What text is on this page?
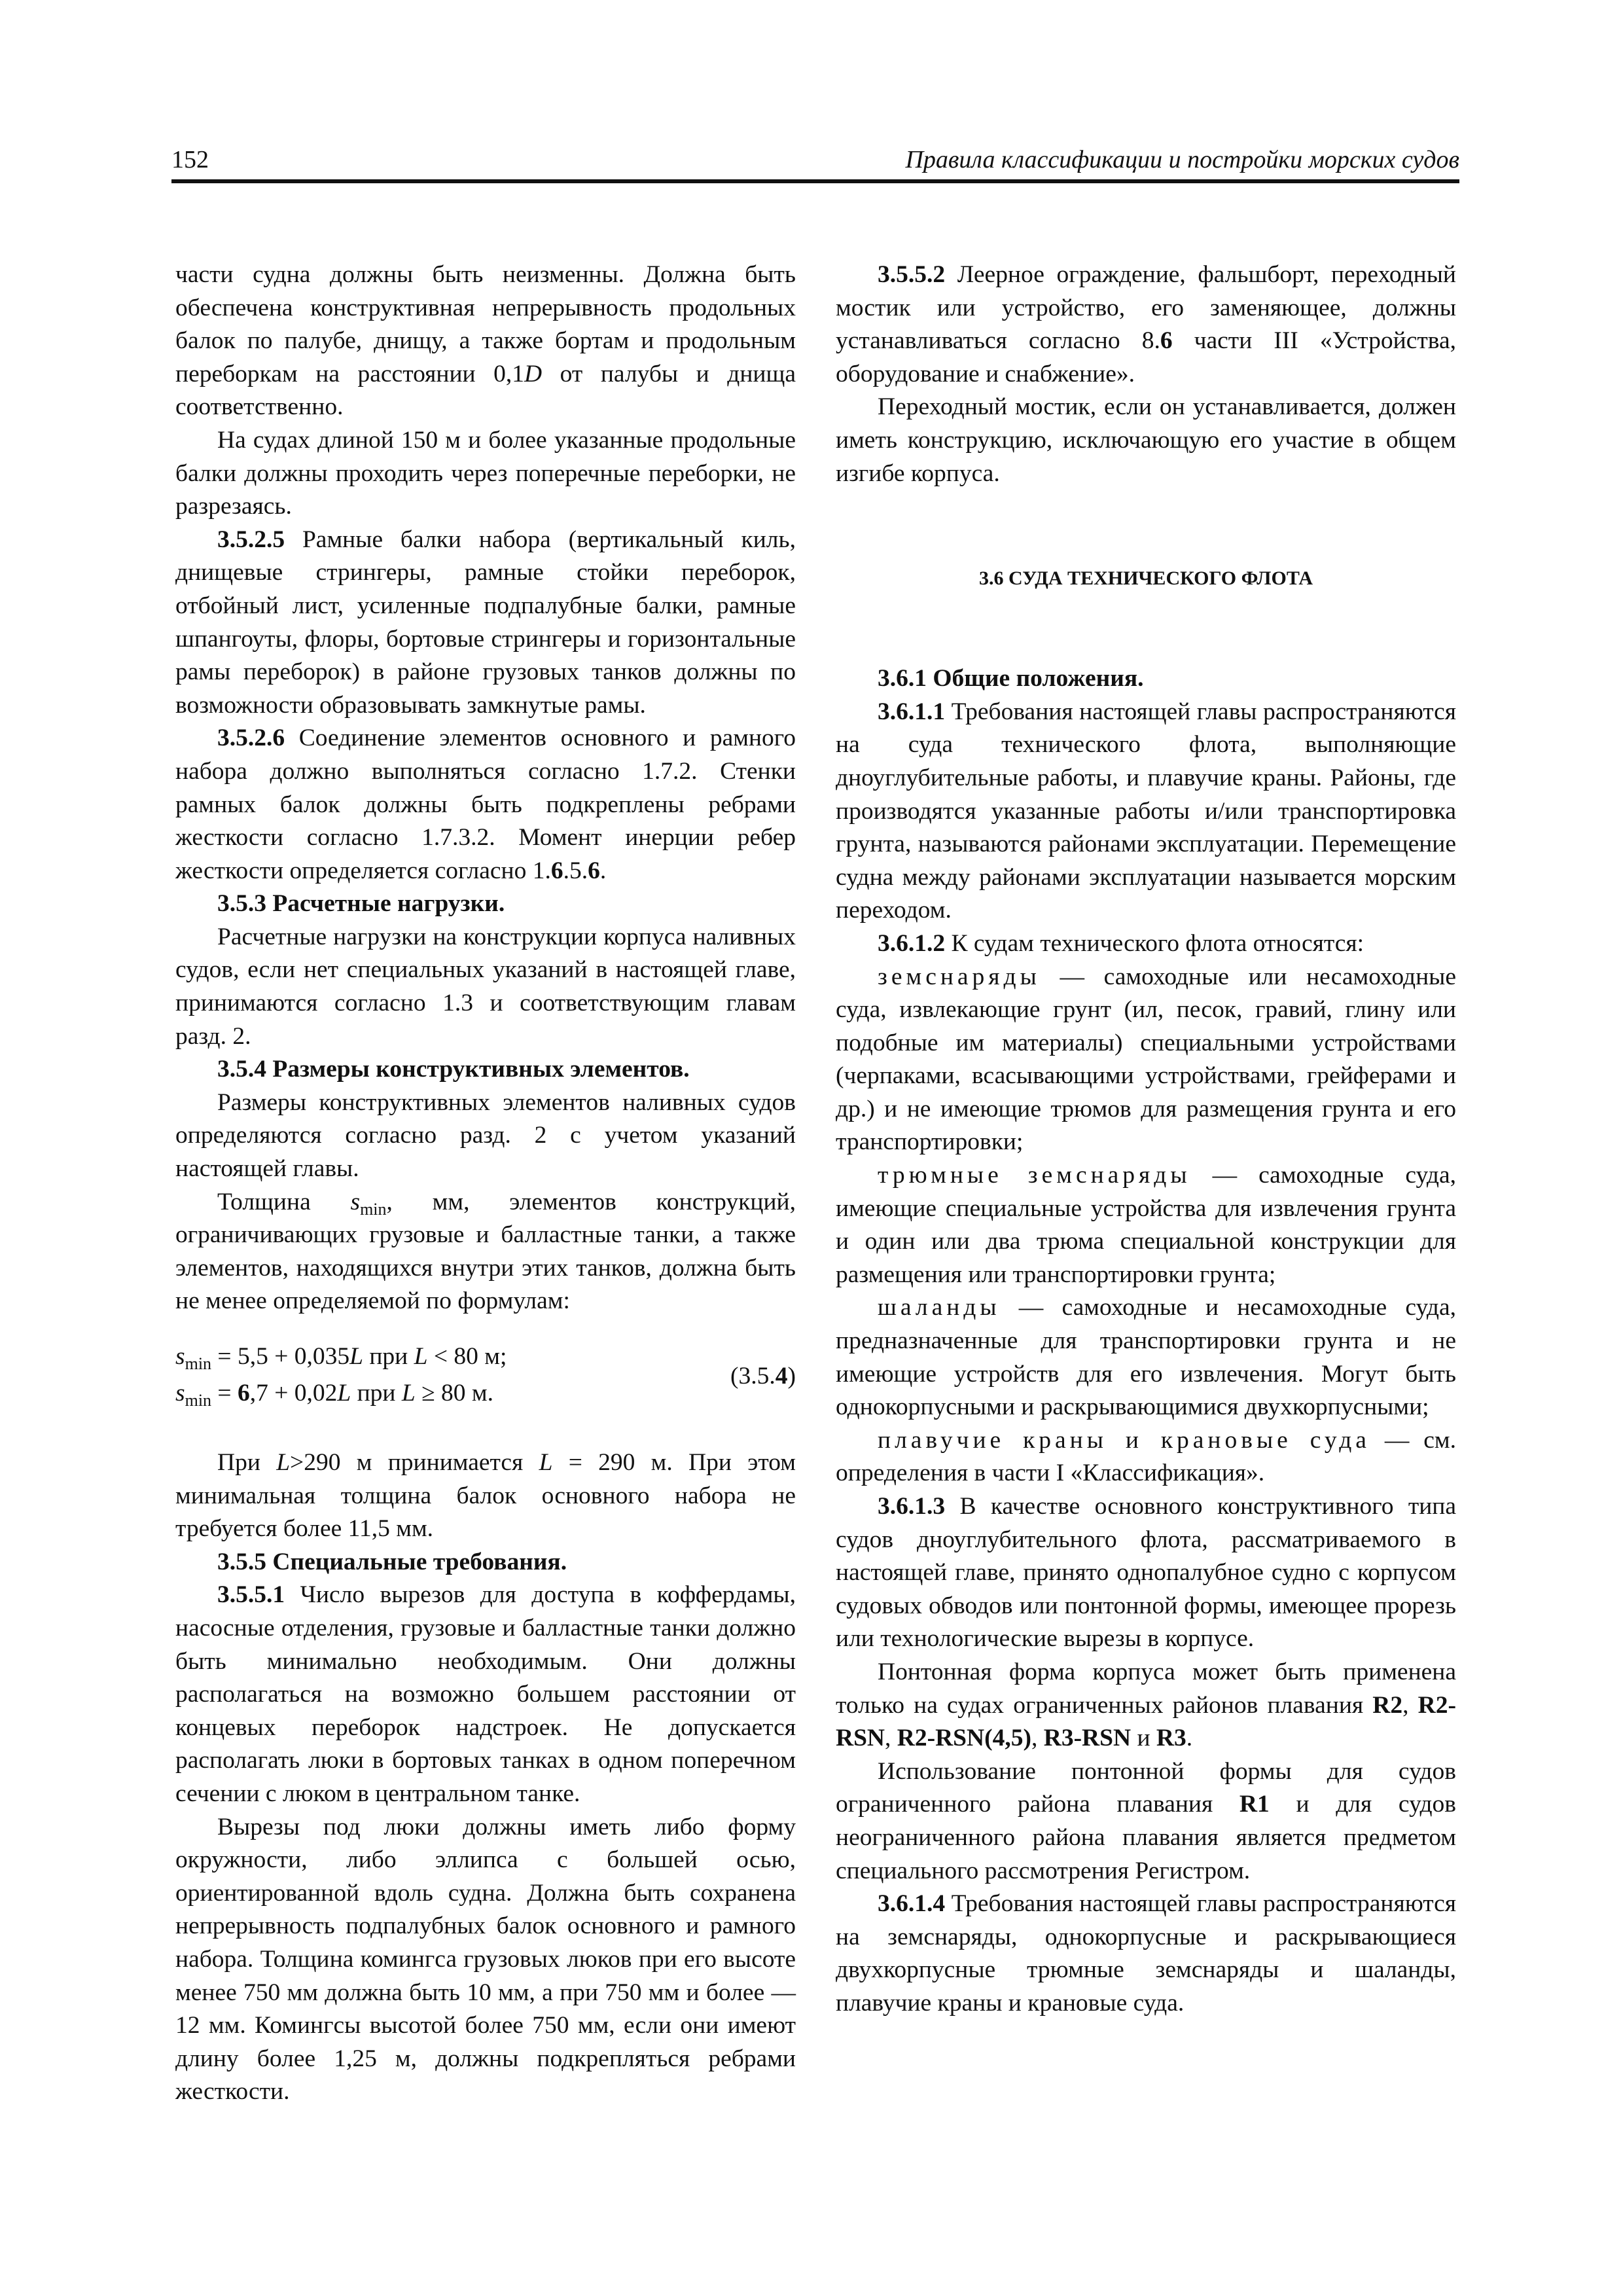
152	Правила классификации и постройки морских судов

части судна должны быть неизменны. Должна быть обеспечена конструктивная непрерывность продольных балок по палубе, днищу, а также бортам и продольным переборкам на расстоянии 0,1D от палубы и днища соответственно.

На судах длиной 150 м и более указанные продольные балки должны проходить через поперечные переборки, не разрезаясь.

3.5.2.5 Рамные балки набора (вертикальный киль, днищевые стрингеры, рамные стойки переборок, отбойный лист, усиленные подпалубные балки, рамные шпангоуты, флоры, бортовые стрингеры и горизонтальные рамы переборок) в районе грузовых танков должны по возможности образовывать замкнутые рамы.

3.5.2.6 Соединение элементов основного и рамного набора должно выполняться согласно 1.7.2. Стенки рамных балок должны быть подкреплены ребрами жесткости согласно 1.7.3.2. Момент инерции ребер жесткости определяется согласно 1.6.5.6.

3.5.3 Расчетные нагрузки.

Расчетные нагрузки на конструкции корпуса наливных судов, если нет специальных указаний в настоящей главе, принимаются согласно 1.3 и соответствующим главам разд. 2.

3.5.4 Размеры конструктивных элементов.

Размеры конструктивных элементов наливных судов определяются согласно разд. 2 с учетом указаний настоящей главы.

Толщина $s_{min}$, мм, элементов конструкций, ограничивающих грузовые и балластные танки, а также элементов, находящихся внутри этих танков, должна быть не менее определяемой по формулам:

$s_{min} = 5,5 + 0,035L$ при L < 80 м;
$s_{min} = 6,7 + 0,02L$ при L ≥ 80 м.
(3.5.4)

При L>290 м принимается L = 290 м. При этом минимальная толщина балок основного набора не требуется более 11,5 мм.

3.5.5 Специальные требования.

3.5.5.1 Число вырезов для доступа в коффердамы, насосные отделения, грузовые и балластные танки должно быть минимально необходимым. Они должны располагаться на возможно большем расстоянии от концевых переборок надстроек. Не допускается располагать люки в бортовых танках в одном поперечном сечении с люком в центральном танке.

Вырезы под люки должны иметь либо форму окружности, либо эллипса с большей осью, ориентированной вдоль судна. Должна быть сохранена непрерывность подпалубных балок основного и рамного набора. Толщина комингса грузовых люков при его высоте менее 750 мм должна быть 10 мм, а при 750 мм и более — 12 мм. Комингсы высотой более 750 мм, если они имеют длину более 1,25 м, должны подкрепляться ребрами жесткости.

3.5.5.2 Леерное ограждение, фальшборт, переходный мостик или устройство, его заменяющее, должны устанавливаться согласно 8.6 части III «Устройства, оборудование и снабжение».

Переходный мостик, если он устанавливается, должен иметь конструкцию, исключающую его участие в общем изгибе корпуса.

3.6 СУДА ТЕХНИЧЕСКОГО ФЛОТА

3.6.1 Общие положения.

3.6.1.1 Требования настоящей главы распространяются на суда технического флота, выполняющие дноуглубительные работы, и плавучие краны. Районы, где производятся указанные работы и/или транспортировка грунта, называются районами эксплуатации. Перемещение судна между районами эксплуатации называется морским переходом.

3.6.1.2 К судам технического флота относятся:

земснаряды — самоходные или несамоходные суда, извлекающие грунт (ил, песок, гравий, глину или подобные им материалы) специальными устройствами (черпаками, всасывающими устройствами, грейферами и др.) и не имеющие трюмов для размещения грунта и его транспортировки;

трюмные земснаряды — самоходные суда, имеющие специальные устройства для извлечения грунта и один или два трюма специальной конструкции для размещения или транспортировки грунта;

шаланды — самоходные и несамоходные суда, предназначенные для транспортировки грунта и не имеющие устройств для его извлечения. Могут быть однокорпусными и раскрывающимися двухкорпусными;

плавучие краны и крановые суда — см. определения в части I «Классификация».

3.6.1.3 В качестве основного конструктивного типа судов дноуглубительного флота, рассматриваемого в настоящей главе, принято однопалубное судно с корпусом судовых обводов или понтонной формы, имеющее прорезь или технологические вырезы в корпусе.

Понтонная форма корпуса может быть применена только на судах ограниченных районов плавания R2, R2-RSN, R2-RSN(4,5), R3-RSN и R3.

Использование понтонной формы для судов ограниченного района плавания R1 и для судов неограниченного района плавания является предметом специального рассмотрения Регистром.

3.6.1.4 Требования настоящей главы распространяются на земснаряды, однокорпусные и раскрывающиеся двухкорпусные трюмные земснаряды и шаланды, плавучие краны и крановые суда.
